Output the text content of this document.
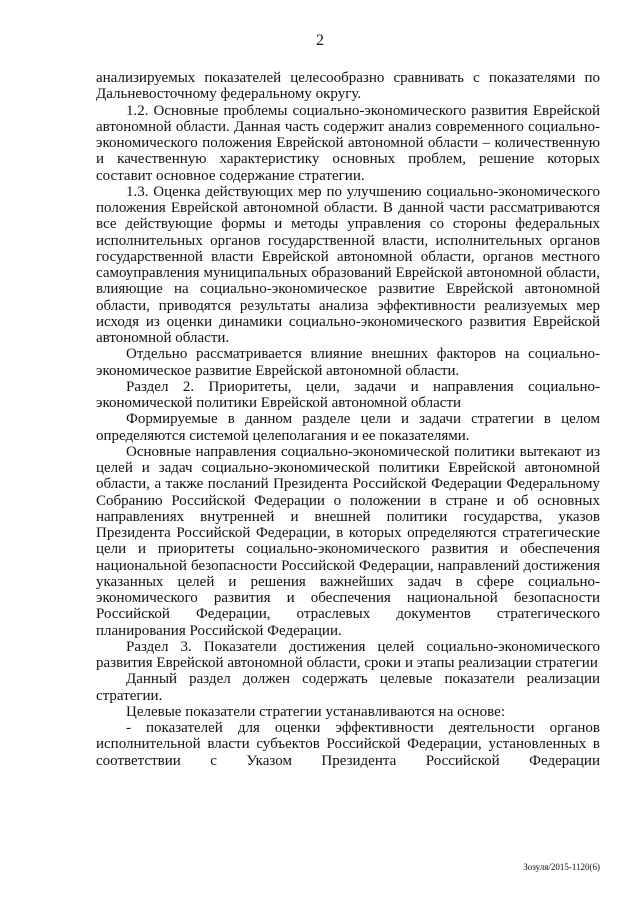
2

анализируемых показателей целесообразно сравнивать с показателями по Дальневосточному федеральному округу.

1.2. Основные проблемы социально-экономического развития Еврейской автономной области. Данная часть содержит анализ современного социально-экономического положения Еврейской автономной области – количественную и качественную характеристику основных проблем, решение которых составит основное содержание стратегии.

1.3. Оценка действующих мер по улучшению социально-экономического положения Еврейской автономной области. В данной части рассматриваются все действующие формы и методы управления со стороны федеральных исполнительных органов государственной власти, исполнительных органов государственной власти Еврейской автономной области, органов местного самоуправления муниципальных образований Еврейской автономной области, влияющие на социально-экономическое развитие Еврейской автономной области, приводятся результаты анализа эффективности реализуемых мер исходя из оценки динамики социально-экономического развития Еврейской автономной области.

Отдельно рассматривается влияние внешних факторов на социально-экономическое развитие Еврейской автономной области.

Раздел 2. Приоритеты, цели, задачи и направления социально-экономической политики Еврейской автономной области

Формируемые в данном разделе цели и задачи стратегии в целом определяются системой целеполагания и ее показателями.

Основные направления социально-экономической политики вытекают из целей и задач социально-экономической политики Еврейской автономной области, а также посланий Президента Российской Федерации Федеральному Собранию Российской Федерации о положении в стране и об основных направлениях внутренней и внешней политики государства, указов Президента Российской Федерации, в которых определяются стратегические цели и приоритеты социально-экономического развития и обеспечения национальной безопасности Российской Федерации, направлений достижения указанных целей и решения важнейших задач в сфере социально-экономического развития и обеспечения национальной безопасности Российской Федерации, отраслевых документов стратегического планирования Российской Федерации.

Раздел 3. Показатели достижения целей социально-экономического развития Еврейской автономной области, сроки и этапы реализации стратегии

Данный раздел должен содержать целевые показатели реализации стратегии.

Целевые показатели стратегии устанавливаются на основе:

- показателей для оценки эффективности деятельности органов исполнительной власти субъектов Российской Федерации, установленных в соответствии с Указом Президента Российской Федерации

Зозуля/2015-1120(6)
